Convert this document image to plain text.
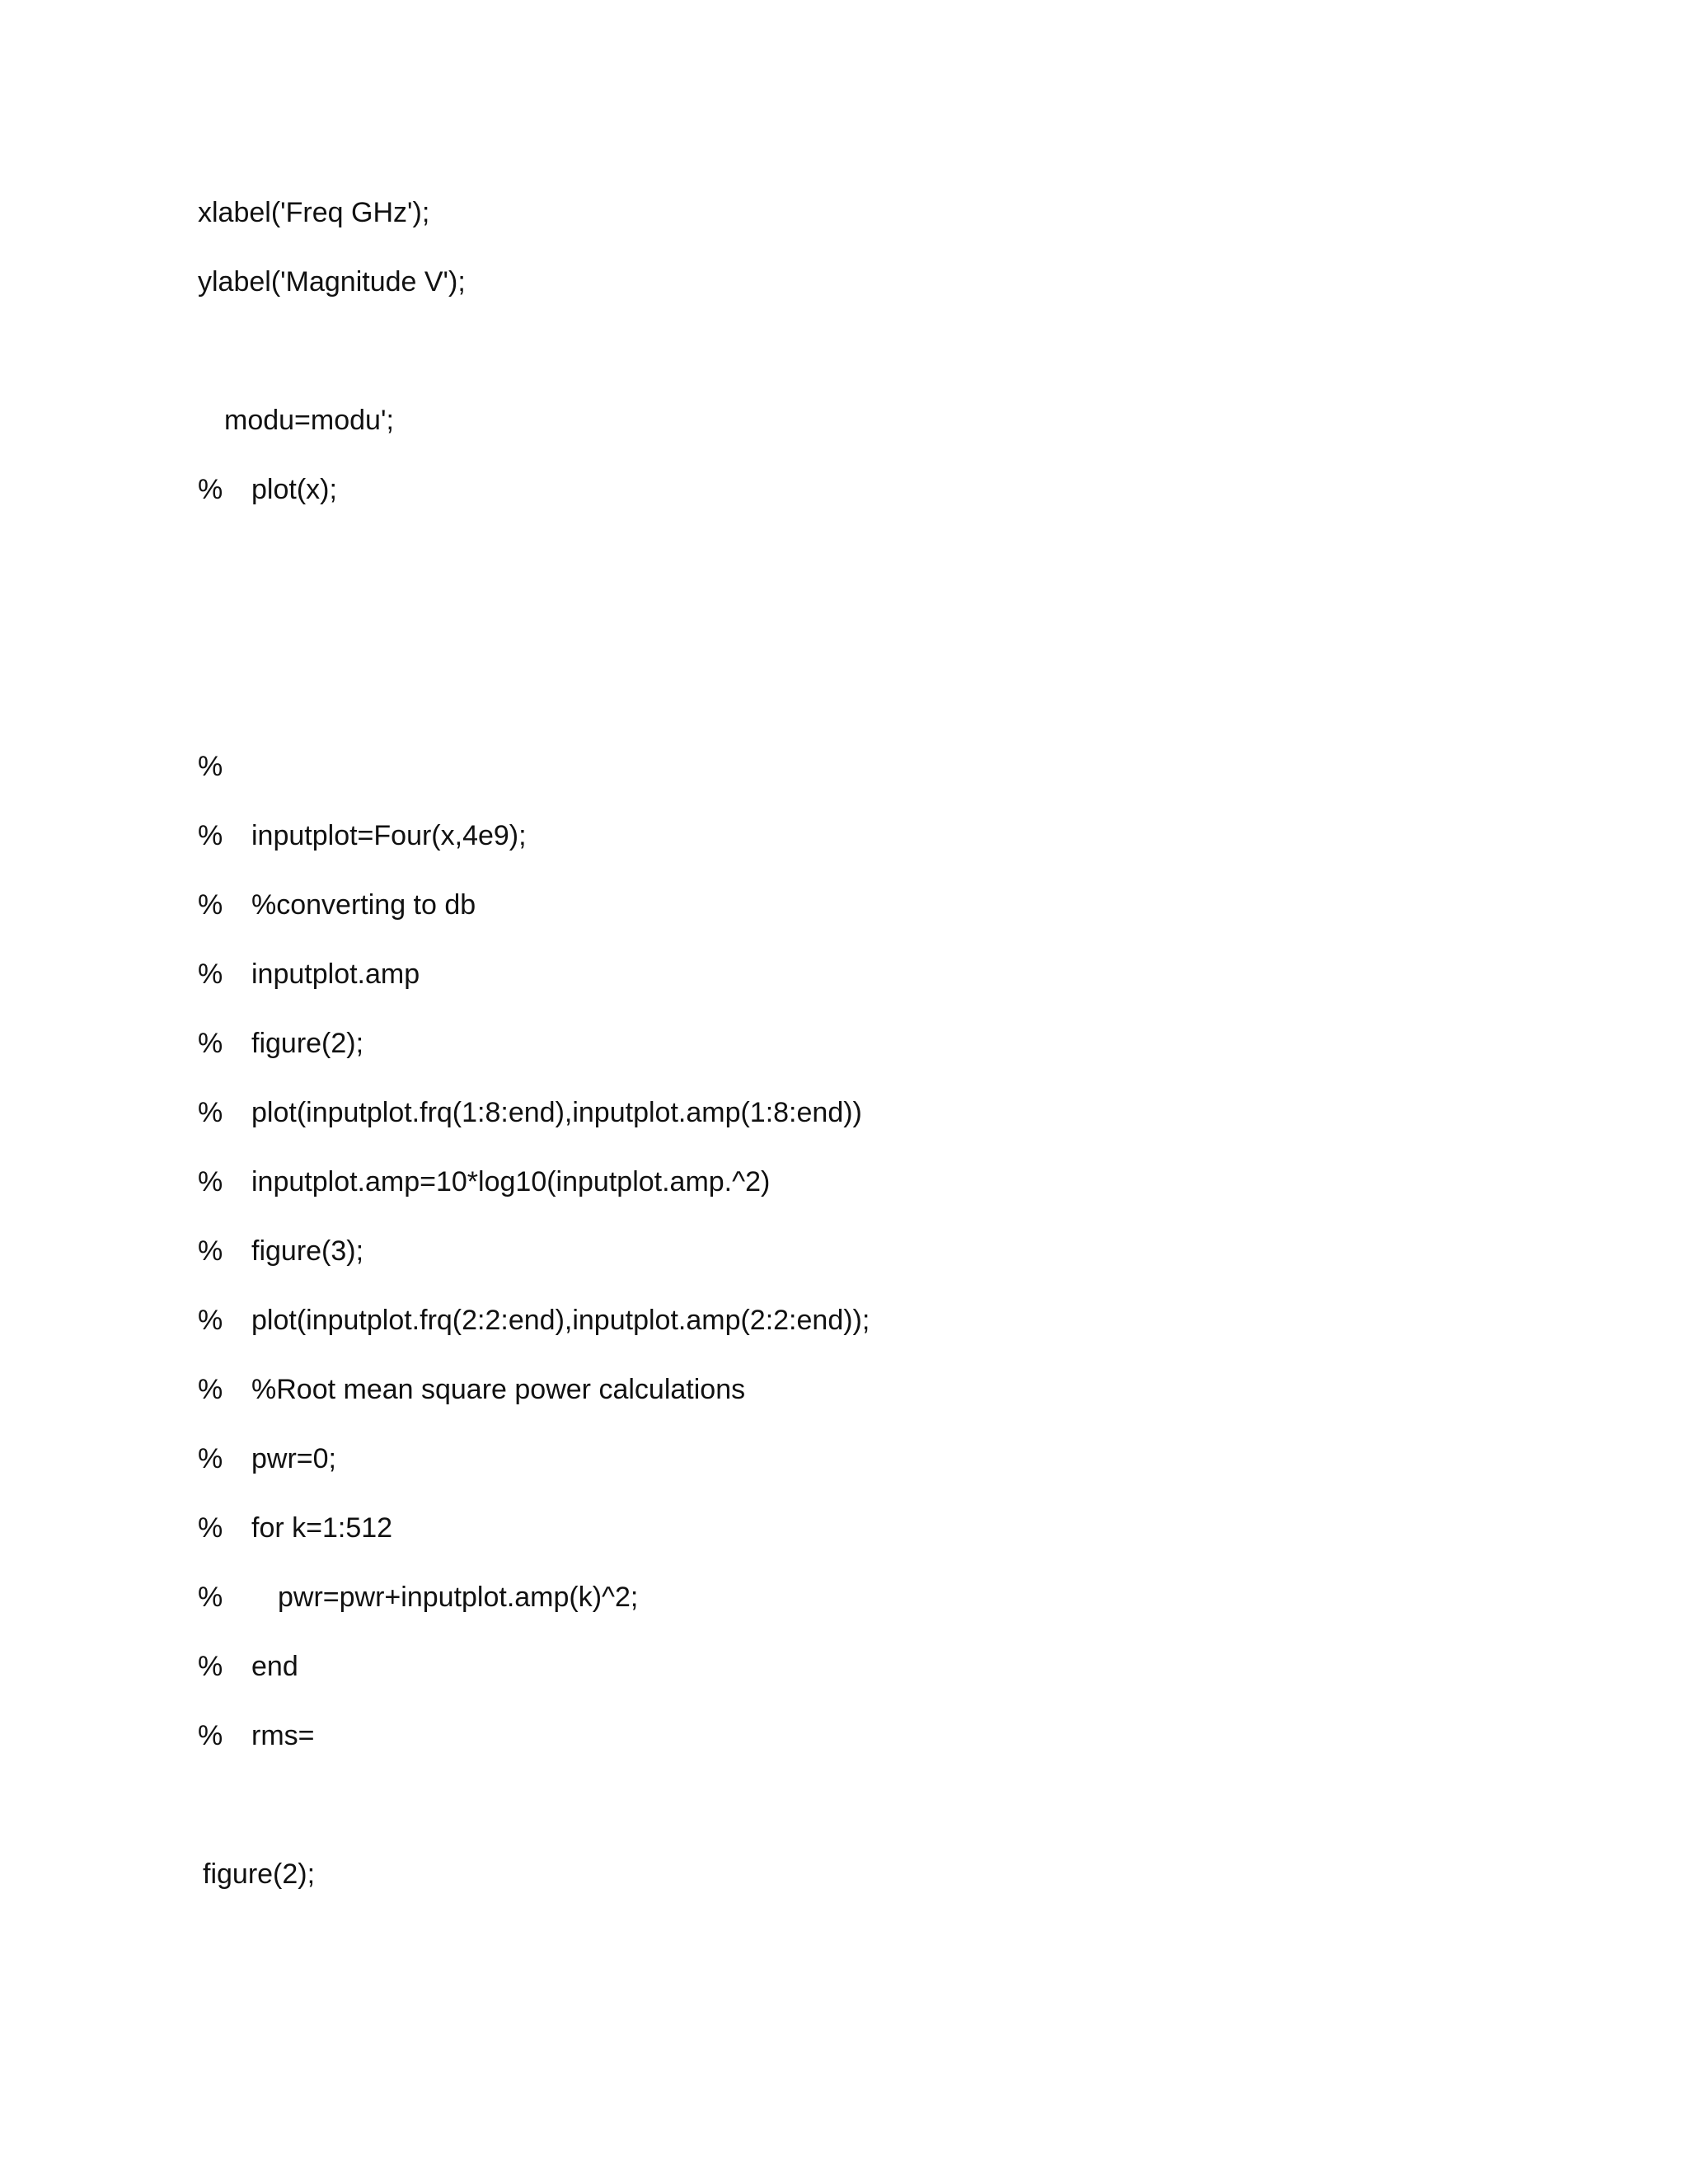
xlabel('Freq GHz');
ylabel('Magnitude V');
modu=modu';
% plot(x);
%
% inputplot=Four(x,4e9);
% %converting to db
% inputplot.amp
% figure(2);
% plot(inputplot.frq(1:8:end),inputplot.amp(1:8:end))
% inputplot.amp=10*log10(inputplot.amp.^2)
% figure(3);
% plot(inputplot.frq(2:2:end),inputplot.amp(2:2:end));
% %Root mean square power calculations
% pwr=0;
% for k=1:512
% pwr=pwr+inputplot.amp(k)^2;
% end
% rms=
figure(2);
